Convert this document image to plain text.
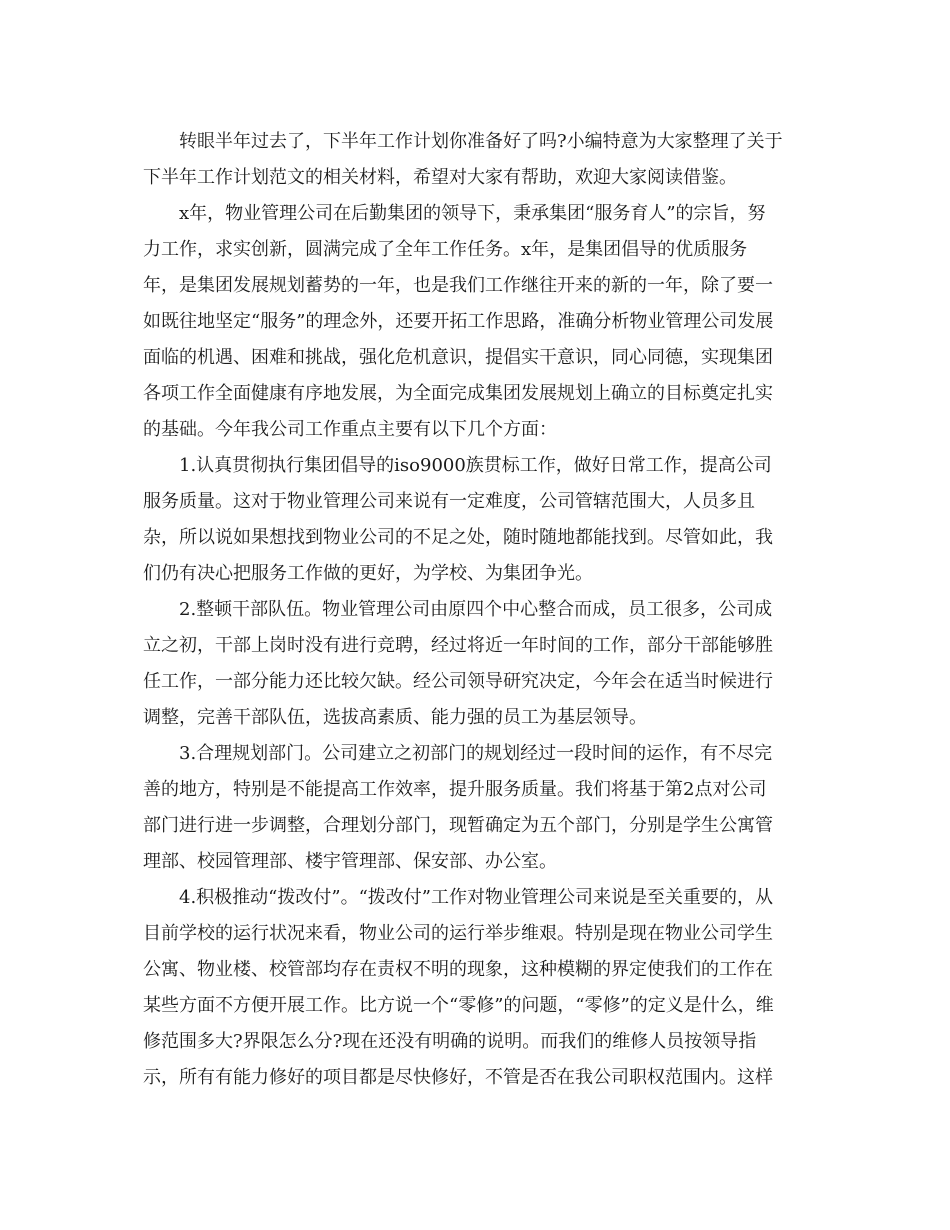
　　转眼半年过去了，下半年工作计划你准备好了吗?小编特意为大家整理了关于
下半年工作计划范文的相关材料，希望对大家有帮助，欢迎大家阅读借鉴。
　　x年，物业管理公司在后勤集团的领导下，秉承集团“服务育人”的宗旨，努
力工作，求实创新，圆满完成了全年工作任务。x年，是集团倡导的优质服务
年，是集团发展规划蓄势的一年，也是我们工作继往开来的新的一年，除了要一
如既往地坚定“服务”的理念外，还要开拓工作思路，准确分析物业管理公司发展
面临的机遇、困难和挑战，强化危机意识，提倡实干意识，同心同德，实现集团
各项工作全面健康有序地发展，为全面完成集团发展规划上确立的目标奠定扎实
的基础。今年我公司工作重点主要有以下几个方面：
　　1.认真贯彻执行集团倡导的iso9000族贯标工作，做好日常工作，提高公司
服务质量。这对于物业管理公司来说有一定难度，公司管辖范围大，人员多且
杂，所以说如果想找到物业公司的不足之处，随时随地都能找到。尽管如此，我
们仍有决心把服务工作做的更好，为学校、为集团争光。
　　2.整顿干部队伍。物业管理公司由原四个中心整合而成，员工很多，公司成
立之初，干部上岗时没有进行竞聘，经过将近一年时间的工作，部分干部能够胜
任工作，一部分能力还比较欠缺。经公司领导研究决定，今年会在适当时候进行
调整，完善干部队伍，选拔高素质、能力强的员工为基层领导。
　　3.合理规划部门。公司建立之初部门的规划经过一段时间的运作，有不尽完
善的地方，特别是不能提高工作效率，提升服务质量。我们将基于第2点对公司
部门进行进一步调整，合理划分部门，现暂确定为五个部门，分别是学生公寓管
理部、校园管理部、楼宇管理部、保安部、办公室。
　　4.积极推动“拨改付”。“拨改付”工作对物业管理公司来说是至关重要的，从
目前学校的运行状况来看，物业公司的运行举步维艰。特别是现在物业公司学生
公寓、物业楼、校管部均存在责权不明的现象，这种模糊的界定使我们的工作在
某些方面不方便开展工作。比方说一个“零修”的问题，“零修”的定义是什么，维
修范围多大?界限怎么分?现在还没有明确的说明。而我们的维修人员按领导指
示，所有有能力修好的项目都是尽快修好，不管是否在我公司职权范围内。这样
